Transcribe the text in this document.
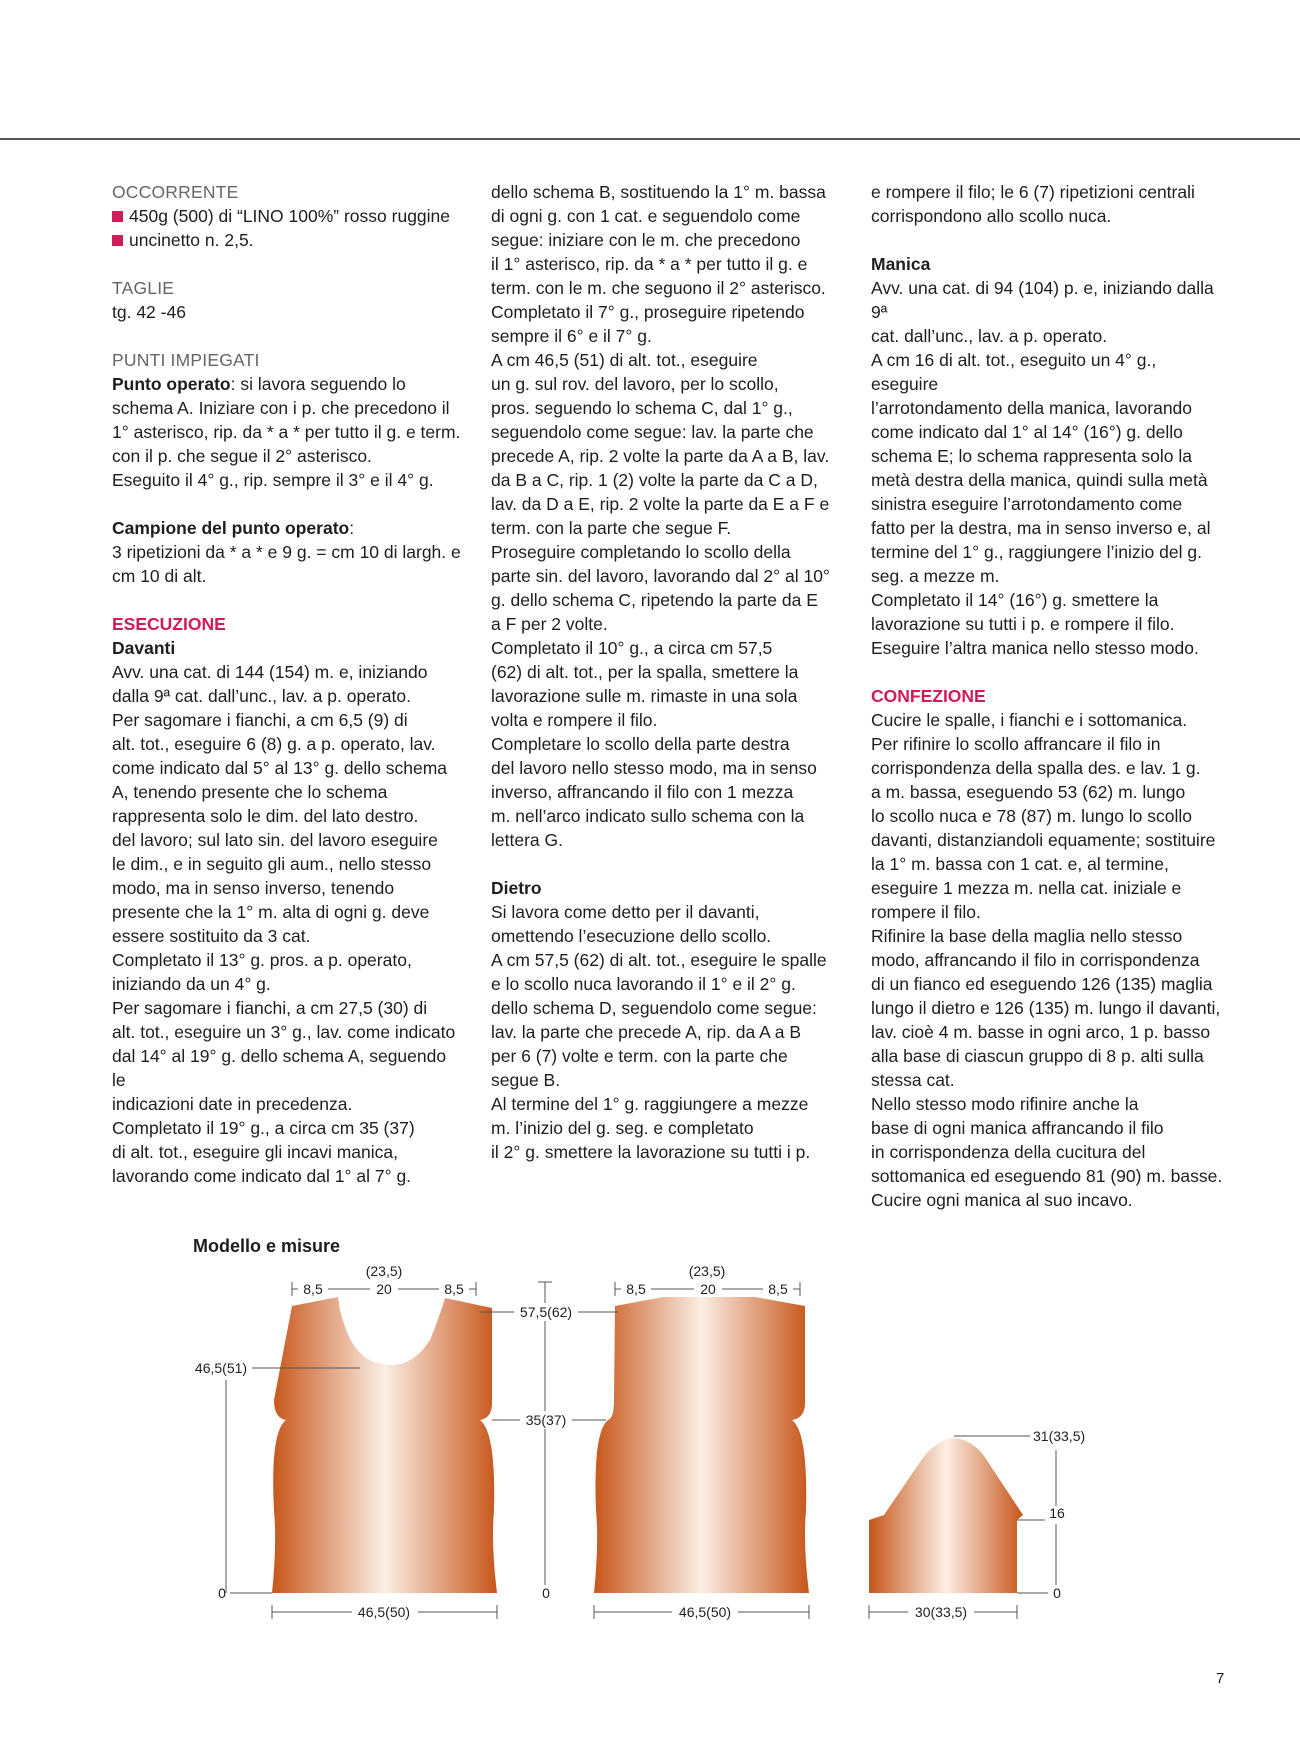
OCCORRENTE

450g (500) di “LINO 100%” rosso ruggine

uncinetto n. 2,5.

TAGLIE

tg. 42 -46

PUNTI IMPIEGATI

Punto operato: si lavora seguendo lo

schema A. Iniziare con i p. che precedono il

1° asterisco, rip. da * a * per tutto il g. e term.

con il p. che segue il 2° asterisco.

Eseguito il 4° g., rip. sempre il 3° e il 4° g.

Campione del punto operato:

3 ripetizioni da * a * e 9 g. = cm 10 di largh. e

cm 10 di alt.

ESECUZIONE

Davanti

Avv. una cat. di 144 (154) m. e, iniziando

dalla 9ª cat. dall’unc., lav. a p. operato.

Per sagomare i fianchi, a cm 6,5 (9) di

alt. tot., eseguire 6 (8) g. a p. operato, lav.

come indicato dal 5° al 13° g. dello schema

A, tenendo presente che lo schema

rappresenta solo le dim. del lato destro.

del lavoro; sul lato sin. del lavoro eseguire

le dim., e in seguito gli aum., nello stesso

modo, ma in senso inverso, tenendo

presente che la 1° m. alta di ogni g. deve

essere sostituito da 3 cat.

Completato il 13° g. pros. a p. operato,

iniziando da un 4° g.

Per sagomare i fianchi, a cm 27,5 (30) di

alt. tot., eseguire un 3° g., lav. come indicato

dal 14° al 19° g. dello schema A, seguendo le

indicazioni date in precedenza.

Completato il 19° g., a circa cm 35 (37)

di alt. tot., eseguire gli incavi manica,

lavorando come indicato dal 1° al 7° g.

dello schema B, sostituendo la 1° m. bassa

di ogni g. con 1 cat. e seguendolo come

segue: iniziare con le m. che precedono

il 1° asterisco, rip. da * a * per tutto il g. e

term. con le m. che seguono il 2° asterisco.

Completato il 7° g., proseguire ripetendo

sempre il 6° e il 7° g.

A cm 46,5 (51) di alt. tot., eseguire

un g. sul rov. del lavoro, per lo scollo,

pros. seguendo lo schema C, dal 1° g.,

seguendolo come segue: lav. la parte che

precede A, rip. 2 volte la parte da A a B, lav.

da B a C, rip. 1 (2) volte la parte da C a D,

lav. da D a E, rip. 2 volte la parte da E a F e

term. con la parte che segue F.

Proseguire completando lo scollo della

parte sin. del lavoro, lavorando dal 2° al 10°

g. dello schema C, ripetendo la parte da E

a F per 2 volte.

Completato il 10° g., a circa cm 57,5

(62) di alt. tot., per la spalla, smettere la

lavorazione sulle m. rimaste in una sola

volta e rompere il filo.

Completare lo scollo della parte destra

del lavoro nello stesso modo, ma in senso

inverso, affrancando il filo con 1 mezza

m. nell’arco indicato sullo schema con la

lettera G.

Dietro

Si lavora come detto per il davanti,

omettendo l’esecuzione dello scollo.

A cm 57,5 (62) di alt. tot., eseguire le spalle

e lo scollo nuca lavorando il 1° e il 2° g.

dello schema D, seguendolo come segue:

lav. la parte che precede A, rip. da A a B

per 6 (7) volte e term. con la parte che

segue B.

Al termine del 1° g. raggiungere a mezze

m. l’inizio del g. seg. e completato

il 2° g. smettere la lavorazione su tutti i p.

e rompere il filo; le 6 (7) ripetizioni centrali

corrispondono allo scollo nuca.

Manica

Avv. una cat. di 94 (104) p. e, iniziando dalla 9ª

cat. dall’unc., lav. a p. operato.

A cm 16 di alt. tot., eseguito un 4° g., eseguire

l’arrotondamento della manica, lavorando

come indicato dal 1° al 14° (16°) g. dello

schema E; lo schema rappresenta solo la

metà destra della manica, quindi sulla metà

sinistra eseguire l’arrotondamento come

fatto per la destra, ma in senso inverso e, al

termine del 1° g., raggiungere l’inizio del g.

seg. a mezze m.

Completato il 14° (16°) g. smettere la

lavorazione su tutti i p. e rompere il filo.

Eseguire l’altra manica nello stesso modo.

CONFEZIONE

Cucire le spalle, i fianchi e i sottomanica.

Per rifinire lo scollo affrancare il filo in

corrispondenza della spalla des. e lav. 1 g.

a m. bassa, eseguendo 53 (62) m. lungo

lo scollo nuca e 78 (87) m. lungo lo scollo

davanti, distanziandoli equamente; sostituire

la 1° m. bassa con 1 cat. e, al termine,

eseguire 1 mezza m. nella cat. iniziale e

rompere il filo.

Rifinire la base della maglia nello stesso

modo, affrancando il filo in corrispondenza

di un fianco ed eseguendo 126 (135) maglia

lungo il dietro e 126 (135) m. lungo il davanti,

lav. cioè 4 m. basse in ogni arco, 1 p. basso

alla base di ciascun gruppo di 8 p. alti sulla

stessa cat.

Nello stesso modo rifinire anche la

base di ogni manica affrancando il filo

in corrispondenza della cucitura del

sottomanica ed eseguendo 81 (90) m. basse.

Cucire ogni manica al suo incavo.

Modello e misure
(23,5)
8,5	20	8,5
46,5(51)
0
57,5(62)
35(37)
0
46,5(50)
(23,5)
8,5	20	8,5
46,5(50)
31(33,5)
16
0
30(33,5)
7
